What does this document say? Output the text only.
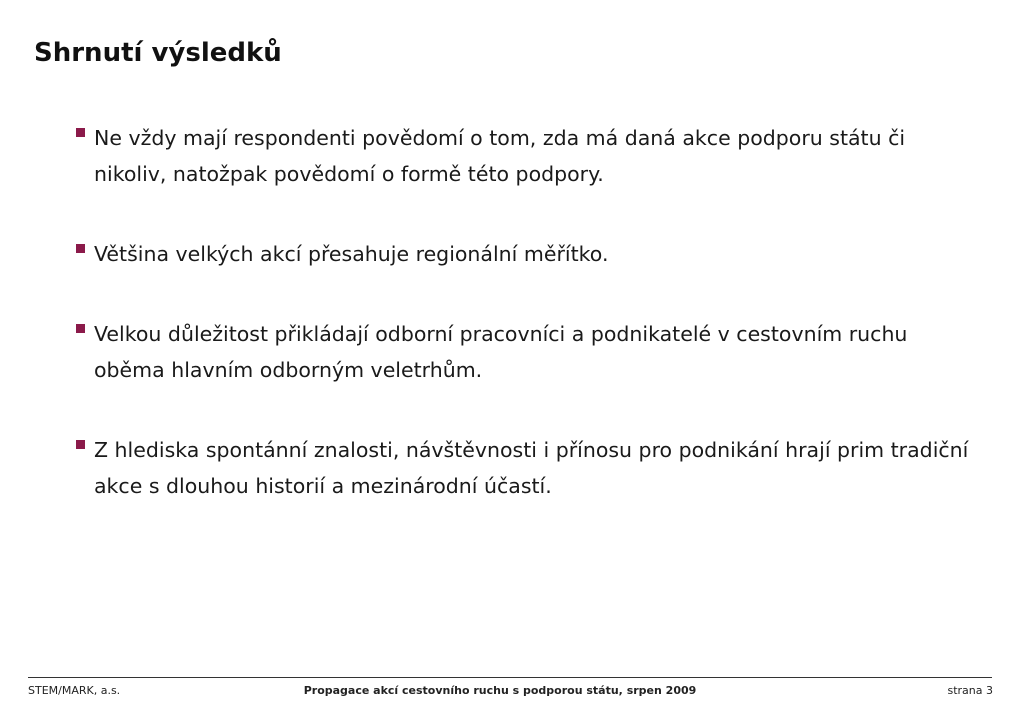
Shrnutí výsledků
Ne vždy mají respondenti povědomí o tom, zda má daná akce podporu státu či nikoliv, natožpak povědomí o formě této podpory.
Většina velkých akcí přesahuje regionální měřítko.
Velkou důležitost přikládají odborní pracovníci a podnikatelé v cestovním ruchu oběma hlavním odborným veletrhům.
Z hlediska spontánní znalosti, návštěvnosti i přínosu pro podnikání hrají prim tradiční akce s dlouhou historií a mezinárodní účastí.
STEM/MARK, a.s.	Propagace akcí cestovního ruchu s podporou státu, srpen 2009	strana 3
